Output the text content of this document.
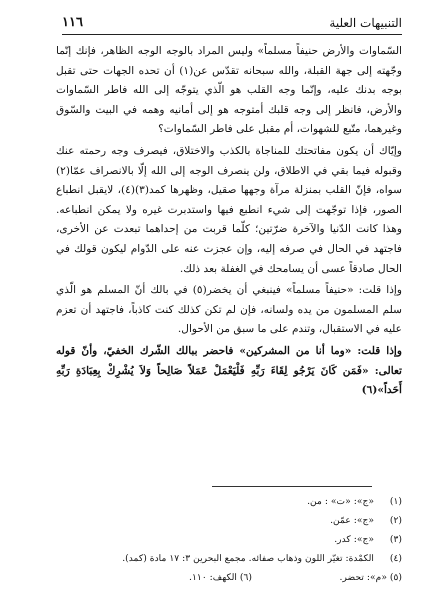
التنبيهات العلية
١١٦

السّماوات والأرض حنيفاً مسلماً» وليس المراد بالوجه الوجه الظاهر، فإنك إنّما وجّهته إلى جهة القبلة، والله سبحانه تقدّس عن(١) أن تحده الجهات حتى تقبل بوجه بدنك عليه، وإنّما وجه القلب هو الّذي يتوجّه إلى الله فاطر السّماوات والأرض، فانظر إلى وجه قلبك أمتوجه هو إلى أمانيه وهمه في البيت والسّوق وغيرهما، متّبع للشهوات، أم مقبل على فاطر السّماوات؟

وإيّاك أن يكون مفاتحتك للمناجاة بالكذب والاختلاق، فيصرف وجه رحمته عنك وقبوله فيما بقي في الاطلاق، ولن ينصرف الوجه إلى الله إلّا بالانصراف عمّا(٢) سواه، فإنّ القلب بمنزلة مرآة وجهها صقيل، وظهرها كمد(٣)(٤)، لايقبل انطباع الصور، فإذا توجّهت إلى شيء انطبع فيها واستدبرت غيره ولا يمكن انطباعه. وهذا كانت الدّنيا والآخرة ضرّتين؛ كلّما قربت من إحداهما تبعدت عن الأخرى، فاجتهد في الحال في صرفه إليه، وإن عجزت عنه على الدّوام ليكون قولك في الحال صادقاً عسى أن يسامحك في الغفلة بعد ذلك.

وإذا قلت: «حنيفاً مسلماً» فينبغي أن يخضر(٥) في بالك أنّ المسلم هو الّذي سلم المسلمون من يده ولسانه، فإن لم تكن كذلك كنت كاذباً، فاجتهد أن تعزم عليه في الاستقبال، وتندم على ما سبق من الأحوال.

وإذا قلت: «وما أنا من المشركين» فاحضر ببالك الشّرك الخفيّ، وأنّ قوله تعالى: «فَمَن كَانَ يَرْجُو لِقَاءَ رَبِّهِ فَلْيَعْمَلْ عَمَلاً صَالِحاً وَلاَ يُشْرِكْ بِعِبَادَةِ رَبِّهِ أَحَداً»(٦)

(١)
«ج»: «ت» : من.
(٢)
«ج»: عمّن.
(٣)
«ج»: كدر.
(٤)
الكمْدة: تغيّر اللون وذهاب صفائه. مجمع البحرين ٣: ١٧ مادة (كمد).
(٥) «م»: تحضر.
(٦) الكهف: ١١٠.
